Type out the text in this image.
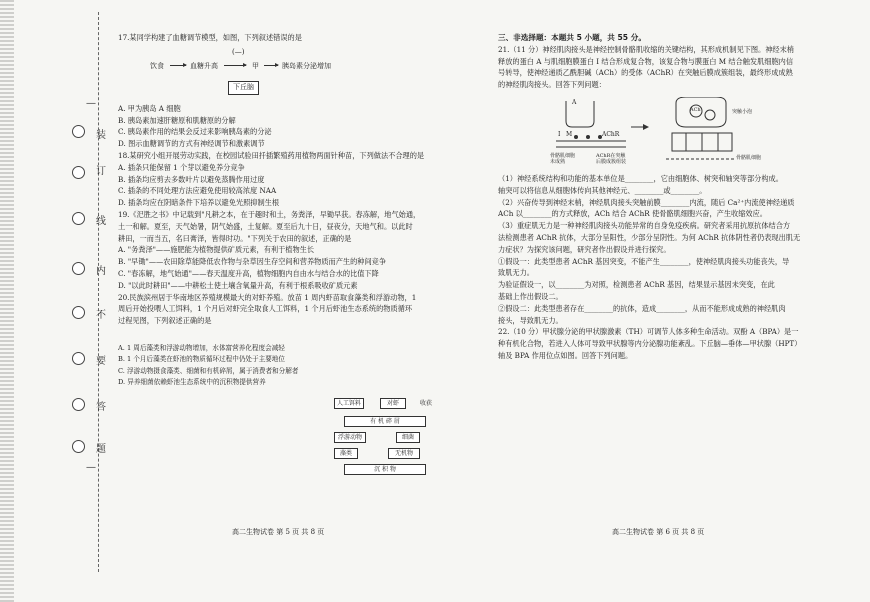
—
装
订
线
内
不
要
答
题
—
17.某同学构建了血糖调节模型，如图，下列叙述错误的是
(—)
饮食	血糖升高	甲	胰岛素分泌增加
下丘脑
A. 甲为胰岛 A 细胞
B. 胰岛素加速肝糖原和肌糖原的分解
C. 胰岛素作用的结果会反过来影响胰岛素的分泌
D. 图示血糖调节的方式有神经调节和激素调节
18.某研究小组开展劳动实践，在校园试验田扦插繁殖药用植物两面针种苗，下列做法不合理的是
A. 插条只能保留 1 个芽以避免养分竞争
B. 插条均应剪去多数叶片以避免蒸腾作用过度
C. 插条的不同处理方法应避免使用较高浓度 NAA
D. 插条均应在阴暗条件下培养以避免光照抑制生根
19.《汜胜之书》中记载到"凡耕之本，在于趣时和土，务粪泽，早锄早获。春冻解，地气始通，
土一和解。夏至，天气始暑，阴气始盛，土复解。夏至后九十日，昼夜分，天地气和。以此时
耕田，一而当五，名曰膏泽，皆得时功。"下列关于农田的叙述，正确的是
A. "务粪泽"——施肥能为植物提供矿质元素，有利于植物生长
B. "早锄"——农田除草能降低农作物与杂草因生存空间和营养物质而产生的种间竞争
C. "春冻解，地气始通"——春天温度升高，植物细胞内自由水与结合水的比值下降
D. "以此时耕田"——中耕松土使土壤含氧量升高，有利于根系吸收矿质元素
20.民族滨州居于华南地区养殖规模最大的对虾养殖。放苗 1 周内虾苗取食藻类和浮游动物，1
周后开始投喂人工饵料，1 个月后对虾完全取食人工饵料，1 个月后虾池生态系统的物质循环
过程见图，下列叙述正确的是
A. 1 周后藻类和浮游动物增加，水体富营养化程度会减轻
B. 1 个月后藻类在虾池的物质循环过程中仍处于主要地位
C. 浮游动物摄食藻类、细菌和有机碎屑，属于消费者和分解者
D. 异养细菌依赖虾池生态系统中的沉积物提供营养
人工饵料	对虾	收获
有 机 碎 屑
浮游动物	细菌
藻类	无机物
沉 积 物
高二生物试卷 第 5 页 共 8 页
三、非选择题：本题共 5 小题，共 55 分。
21.（11 分）神经肌肉接头是神经控制骨骼肌收缩的关键结构，其形成机制见下图。神经末梢
释放的蛋白 A 与肌细胞膜蛋白 I 结合形成复合物，该复合物与膜蛋白 M 结合触发肌细胞内信
号转导，使神经递质乙酰胆碱（ACh）的受体（AChR）在突触后膜成簇组装，最终形成成熟
的神经肌肉接头。回答下列问题：
A
I M	AChR
ACh	突触小泡
骨骼肌细胞
未成熟
AChR在突触
后膜成簇组装
骨骼肌细胞
（1）神经系统结构和功能的基本单位是________，它由细胞体、树突和轴突等部分构成。
轴突可以将信息从细胞体传向其他神经元、________或________。
（2）兴奋传导到神经末梢，神经肌肉接头突触前膜________内流，随后 Ca²⁺内流使神经递质
ACh 以________的方式释放，ACh 结合 AChR 使骨骼肌细胞兴奋，产生收缩效应。
（3）重症肌无力是一种神经肌肉接头功能异常的自身免疫疾病。研究者采用抗原抗体结合方
法检测患者 AChR 抗体，大部分呈阳性，少部分呈阴性。为何 AChR 抗体阴性者仍表现出肌无
力症状？为探究该问题，研究者作出假设并进行探究。
①假设一：此类型患者 AChR 基因突变，不能产生________，使神经肌肉接头功能丧失，导
致肌无力。
为验证假设一，以________为对照，检测患者 AChR 基因，结果显示基因未突变，在此
基础上作出假设二。
②假设二：此类型患者存在________的抗体，造成________，从而不能形成成熟的神经肌肉
接头，导致肌无力。
22.（10 分）甲状腺分泌的甲状腺激素（TH）可调节人体多种生命活动。双酚 A（BPA）是一
种有机化合物，若进入人体可导致甲状腺等内分泌腺功能紊乱。下丘脑—垂体—甲状腺（HPT）
轴及 BPA 作用位点如图。回答下列问题。
高二生物试卷 第 6 页 共 8 页
